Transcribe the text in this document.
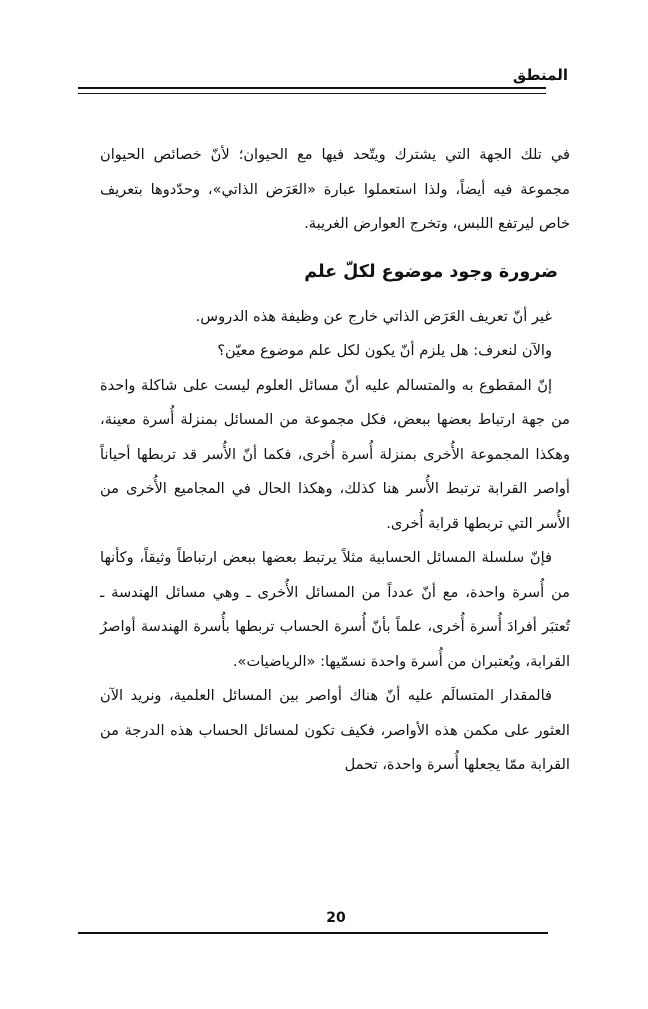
المنطق

في تلك الجهة التي يشترك ويتّحد فيها مع الحيوان؛ لأنّ خصائص الحيوان مجموعة فيه أيضاً، ولذا استعملوا عبارة «العَرَض الذاتي»، وحدّدوها بتعريف خاص ليرتفع اللبس، وتخرج العوارض الغريبة.

ضرورة وجود موضوع لكلّ علم

غير أنّ تعريف العَرَض الذاتي خارج عن وظيفة هذه الدروس.

والآن لنعرف: هل يلزم أنّ يكون لكل علم موضوع معيّن؟

إنّ المقطوع به والمتسالم عليه أنّ مسائل العلوم ليست على شاكلة واحدة من جهة ارتباط بعضها ببعض، فكل مجموعة من المسائل بمنزلة أُسرة معينة، وهكذا المجموعة الأُخرى بمنزلة أُسرة أُخرى، فكما أنّ الأُسر قد تربطها أحياناً أواصر القرابة ترتبط الأُسر هنا كذلك، وهكذا الحال في المجاميع الأُخرى من الأُسر التي تربطها قرابة أُخرى.

فإنّ سلسلة المسائل الحسابية مثلاً يرتبط بعضها ببعض ارتباطاً وثيقاً، وكأنها من أُسرة واحدة، مع أنّ عدداً من المسائل الأُخرى ـ وهي مسائل الهندسة ـ تُعتبَر أفرادَ أُسرة أُخرى، علماً بأنّ أُسرة الحساب تربطها بأُسرة الهندسة أواصرُ القرابة، ويُعتبران من أُسرة واحدة نسمّيها: «الرياضيات».

فالمقدار المتسالَم عليه أنّ هناك أواصر بين المسائل العلمية، ونريد الآن العثور على مكمن هذه الأواصر، فكيف تكون لمسائل الحساب هذه الدرجة من القرابة ممّا يجعلها أُسرة واحدة، تحمل

20
